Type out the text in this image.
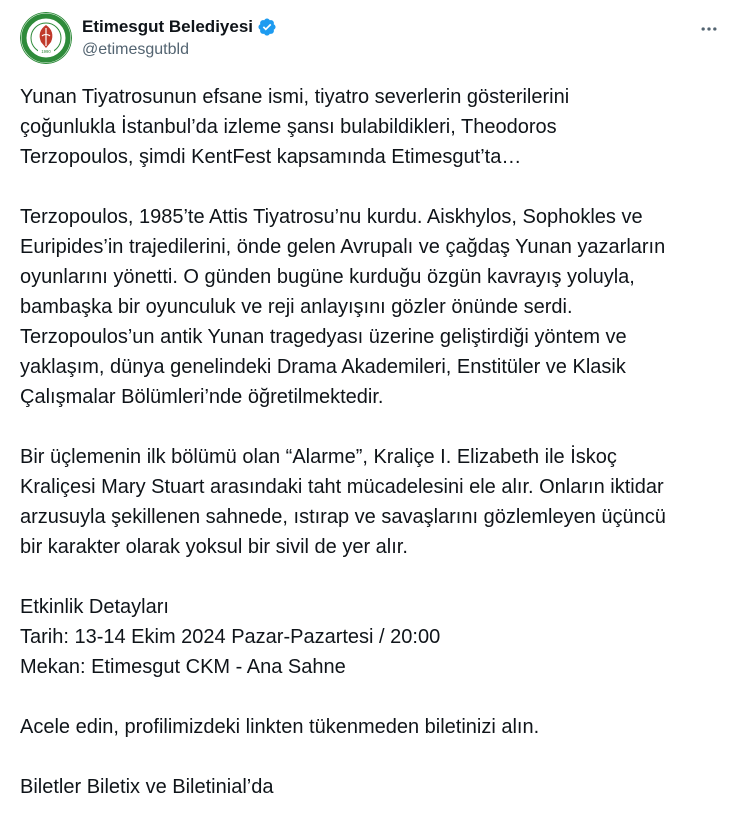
1990
Etimesgut Belediyesi
@etimesgutbld
Yunan Tiyatrosunun efsane ismi, tiyatro severlerin gösterilerini
çoğunlukla İstanbul’da izleme şansı bulabildikleri, Theodoros
Terzopoulos, şimdi KentFest kapsamında Etimesgut’ta…
Terzopoulos, 1985’te Attis Tiyatrosu’nu kurdu. Aiskhylos, Sophokles ve
Euripides’in trajedilerini, önde gelen Avrupalı ve çağdaş Yunan yazarların
oyunlarını yönetti. O günden bugüne kurduğu özgün kavrayış yoluyla,
bambaşka bir oyunculuk ve reji anlayışını gözler önünde serdi.
Terzopoulos’un antik Yunan tragedyası üzerine geliştirdiği yöntem ve
yaklaşım, dünya genelindeki Drama Akademileri, Enstitüler ve Klasik
Çalışmalar Bölümleri’nde öğretilmektedir.
Bir üçlemenin ilk bölümü olan “Alarme”, Kraliçe I. Elizabeth ile İskoç
Kraliçesi Mary Stuart arasındaki taht mücadelesini ele alır. Onların iktidar
arzusuyla şekillenen sahnede, ıstırap ve savaşlarını gözlemleyen üçüncü
bir karakter olarak yoksul bir sivil de yer alır.
Etkinlik Detayları
Tarih: 13-14 Ekim 2024 Pazar-Pazartesi / 20:00
Mekan: Etimesgut CKM - Ana Sahne
Acele edin, profilimizdeki linkten tükenmeden biletinizi alın.
Biletler Biletix ve Biletinial’da
